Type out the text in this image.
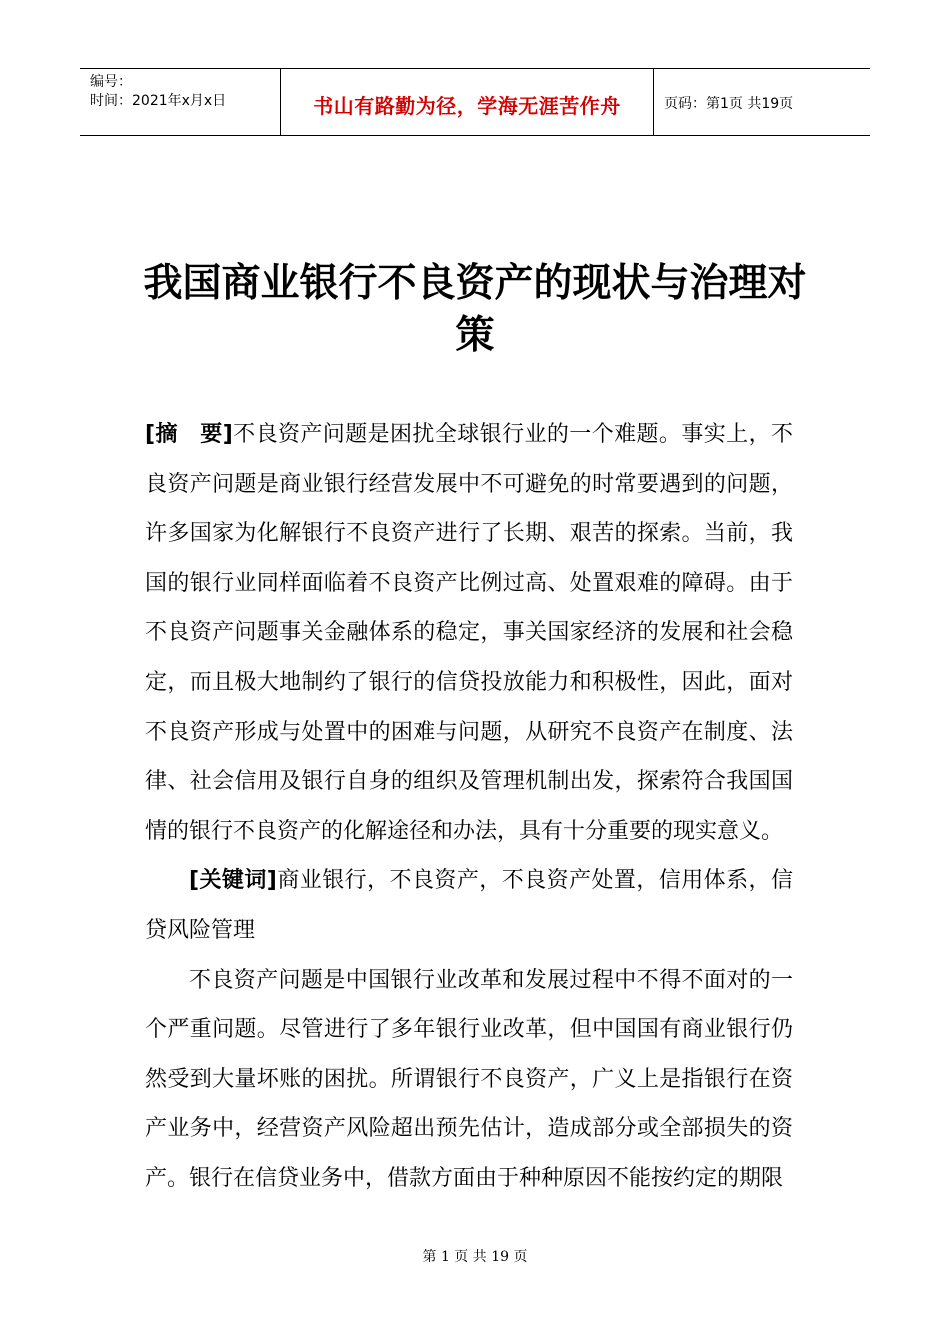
编号：
时间：2021年x月x日	书山有路勤为径，学海无涯苦作舟	页码：第1页 共19页
我国商业银行不良资产的现状与治理对策

[摘　要]不良资产问题是困扰全球银行业的一个难题。事实上，不良资产问题是商业银行经营发展中不可避免的时常要遇到的问题，许多国家为化解银行不良资产进行了长期、艰苦的探索。当前，我国的银行业同样面临着不良资产比例过高、处置艰难的障碍。由于不良资产问题事关金融体系的稳定，事关国家经济的发展和社会稳定，而且极大地制约了银行的信贷投放能力和积极性，因此，面对不良资产形成与处置中的困难与问题，从研究不良资产在制度、法律、社会信用及银行自身的组织及管理机制出发，探索符合我国国情的银行不良资产的化解途径和办法，具有十分重要的现实意义。

[关键词]商业银行，不良资产，不良资产处置，信用体系，信贷风险管理

不良资产问题是中国银行业改革和发展过程中不得不面对的一个严重问题。尽管进行了多年银行业改革，但中国国有商业银行仍然受到大量坏账的困扰。所谓银行不良资产，广义上是指银行在资产业务中，经营资产风险超出预先估计，造成部分或全部损失的资产。银行在信贷业务中，借款方面由于种种原因不能按约定的期限

第 1 页 共 19 页
